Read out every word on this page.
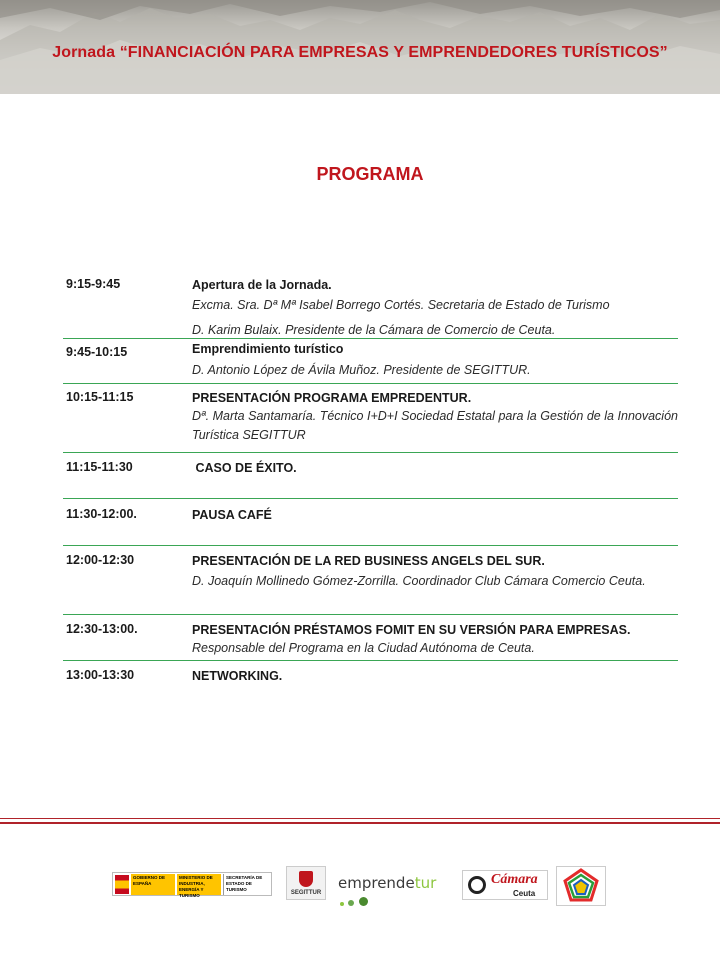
Jornada “FINANCIACIÓN PARA EMPRESAS Y EMPRENDEDORES TURÍSTICOS”
PROGRAMA
9:15-9:45	Apertura de la Jornada.
Excma. Sra. Dª Mª Isabel Borrego Cortés. Secretaria de Estado de Turismo
D. Karim Bulaix. Presidente de la Cámara de Comercio de Ceuta.
9:45-10:15	Emprendimiento turístico
D. Antonio López de Ávila Muñoz. Presidente de SEGITTUR.
10:15-11:15	PRESENTACIÓN PROGRAMA EMPREDENTUR.
Dª. Marta Santamaría. Técnico I+D+I Sociedad Estatal para la Gestión de la Innovación Turística SEGITTUR
11:15-11:30	CASO DE ÉXITO.
11:30-12:00.	PAUSA CAFÉ
12:00-12:30	PRESENTACIÓN DE LA RED BUSINESS ANGELS DEL SUR.
D. Joaquín Mollinedo Gómez-Zorrilla. Coordinador Club Cámara Comercio Ceuta.
12:30-13:00.	PRESENTACIÓN PRÉSTAMOS FOMIT EN SU VERSIÓN PARA EMPRESAS.
Responsable del Programa en la Ciudad Autónoma de Ceuta.
13:00-13:30	NETWORKING.
GOBIERNO DE ESPAÑA
MINISTERIO DE INDUSTRIA, ENERGÍA Y TURISMO
SECRETARÍA DE ESTADO DE TURISMO
SEGITTUR
emprendetur	Cámara
Ceuta
